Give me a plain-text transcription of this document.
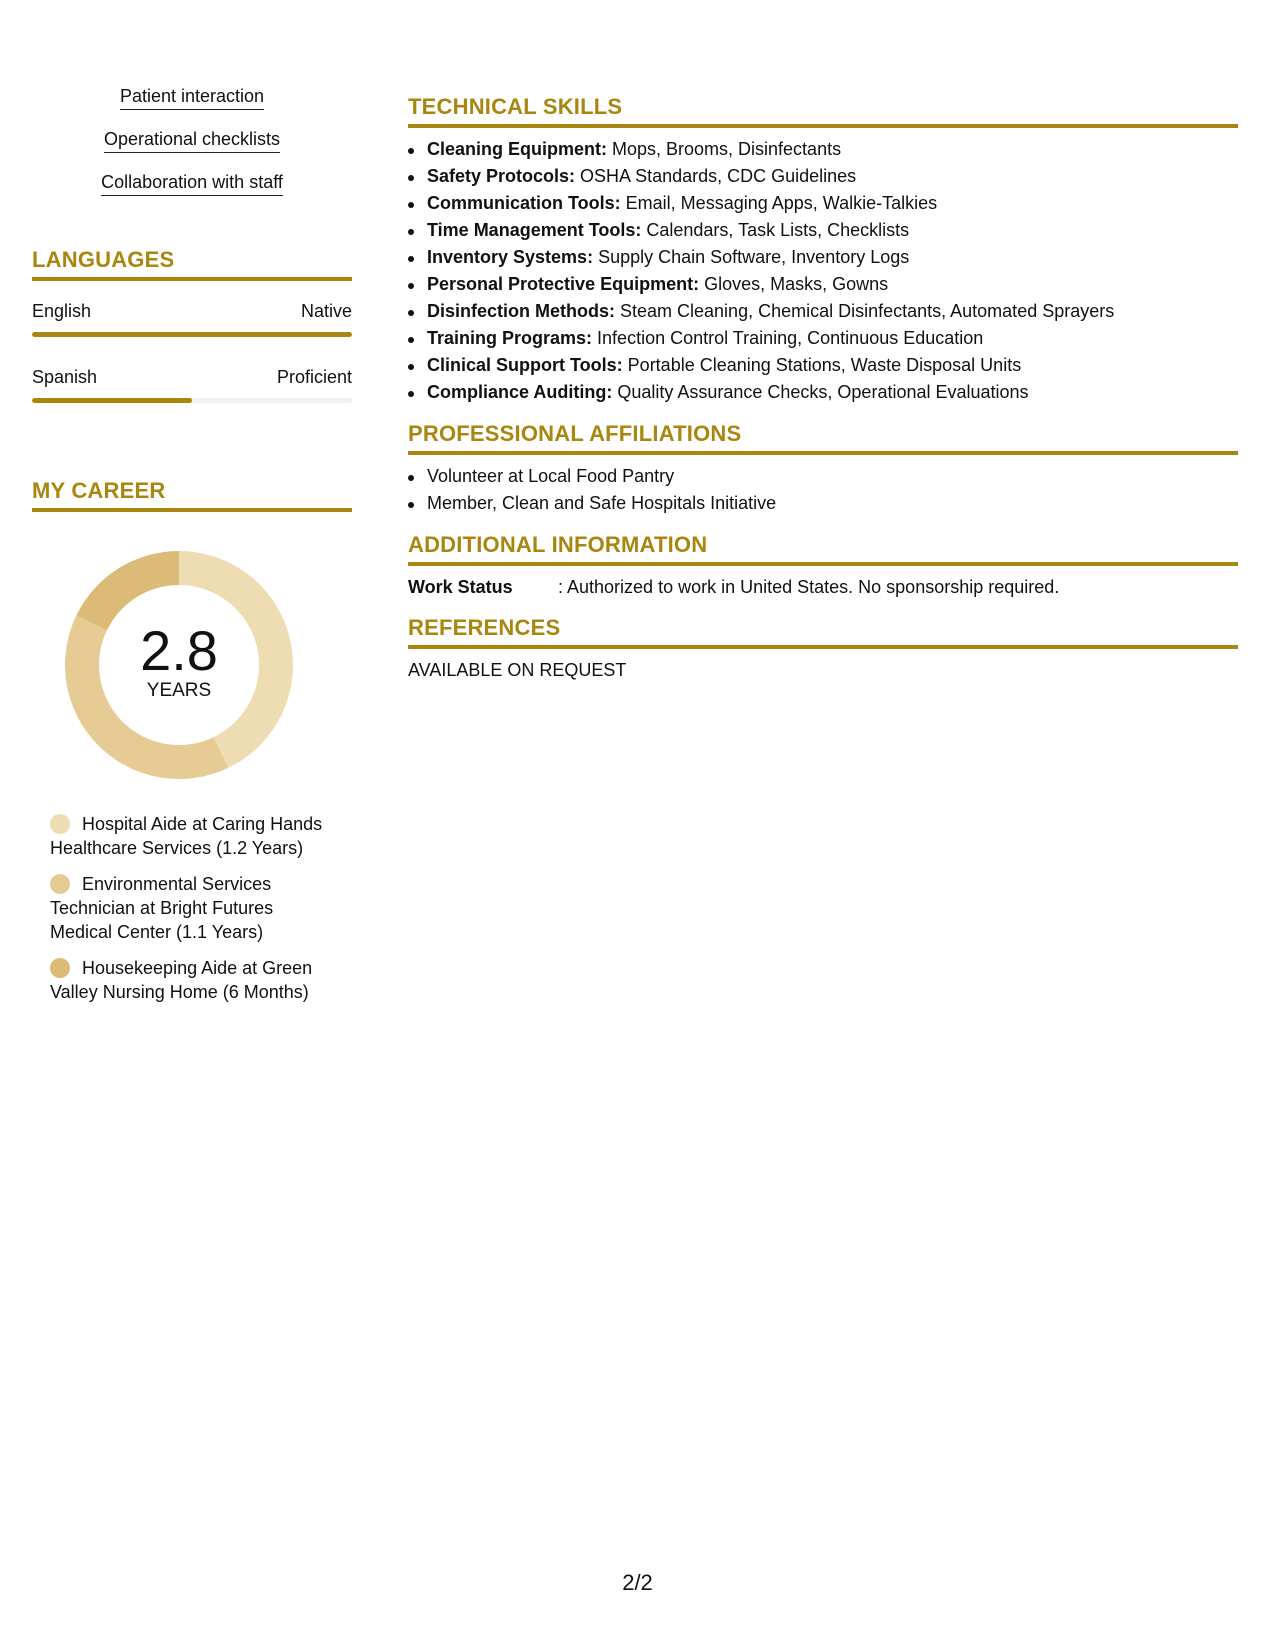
Patient interaction
Operational checklists
Collaboration with staff
LANGUAGES
English	Native
Spanish	Proficient
MY CAREER
2.8
YEARS
Hospital Aide at Caring Hands Healthcare Services (1.2 Years)
Environmental Services Technician at Bright Futures Medical Center (1.1 Years)
Housekeeping Aide at Green Valley Nursing Home (6 Months)
TECHNICAL SKILLS
Cleaning Equipment: Mops, Brooms, Disinfectants
Safety Protocols: OSHA Standards, CDC Guidelines
Communication Tools: Email, Messaging Apps, Walkie-Talkies
Time Management Tools: Calendars, Task Lists, Checklists
Inventory Systems: Supply Chain Software, Inventory Logs
Personal Protective Equipment: Gloves, Masks, Gowns
Disinfection Methods: Steam Cleaning, Chemical Disinfectants, Automated Sprayers
Training Programs: Infection Control Training, Continuous Education
Clinical Support Tools: Portable Cleaning Stations, Waste Disposal Units
Compliance Auditing: Quality Assurance Checks, Operational Evaluations
PROFESSIONAL AFFILIATIONS
Volunteer at Local Food Pantry
Member, Clean and Safe Hospitals Initiative
ADDITIONAL INFORMATION
Work Status	: Authorized to work in United States. No sponsorship required.
REFERENCES
AVAILABLE ON REQUEST
2/2
